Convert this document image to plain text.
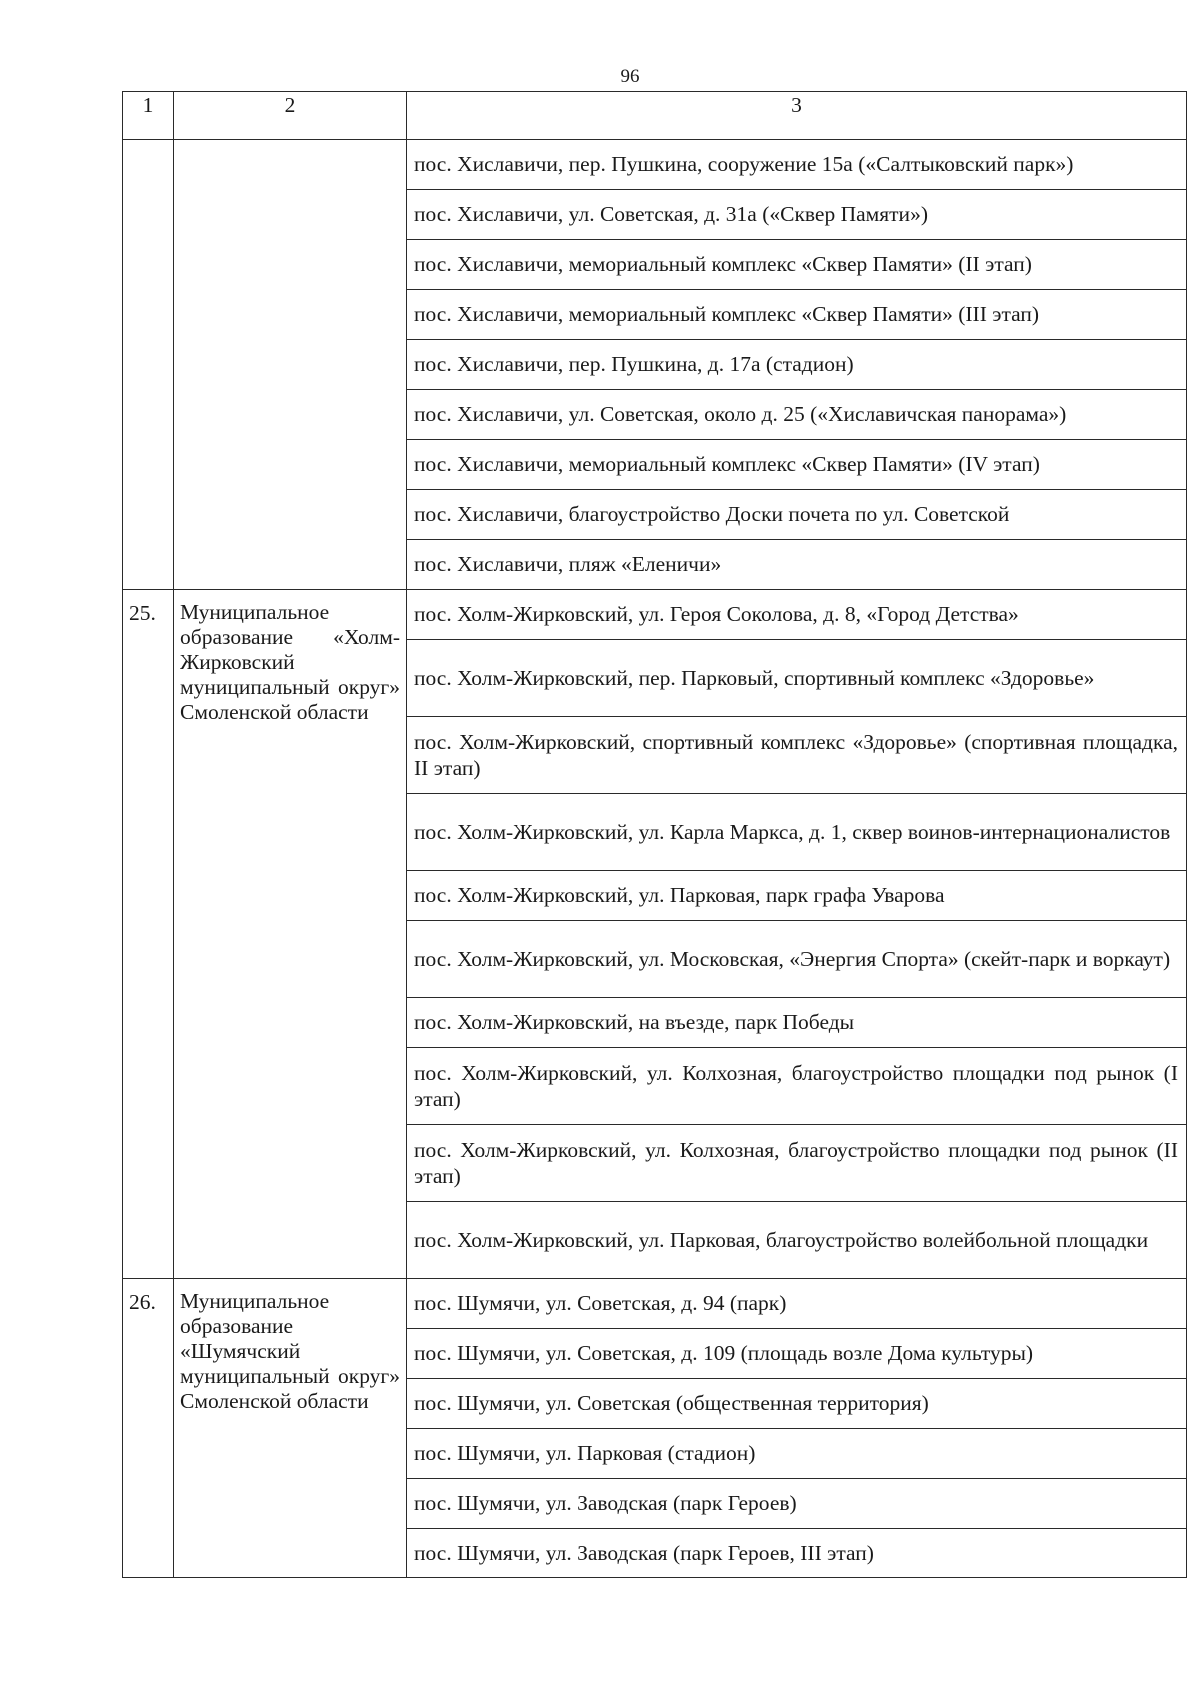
96
1	2	3
		пос. Хиславичи, пер. Пушкина, сооружение 15а («Салтыковский парк»)
		пос. Хиславичи, ул. Советская, д. 31а («Сквер Памяти»)
		пос. Хиславичи, мемориальный комплекс «Сквер Памяти» (II этап)
		пос. Хиславичи, мемориальный комплекс «Сквер Памяти» (III этап)
		пос. Хиславичи, пер. Пушкина, д. 17а (стадион)
		пос. Хиславичи, ул. Советская, около д. 25 («Хиславичская панорама»)
		пос. Хиславичи, мемориальный комплекс «Сквер Памяти» (IV этап)
		пос. Хиславичи, благоустройство Доски почета по ул. Советской
		пос. Хиславичи, пляж «Еленичи»
25.	Муниципальное образование «Холм-Жирковский муниципальный округ» Смоленской области	пос. Холм-Жирковский, ул. Героя Соколова, д. 8, «Город Детства»
		пос. Холм-Жирковский, пер. Парковый, спортивный комплекс «Здоровье»
		пос. Холм-Жирковский, спортивный комплекс «Здоровье» (спортивная площадка, II этап)
		пос. Холм-Жирковский, ул. Карла Маркса, д. 1, сквер воинов-интернационалистов
		пос. Холм-Жирковский, ул. Парковая, парк графа Уварова
		пос. Холм-Жирковский, ул. Московская, «Энергия Спорта» (скейт-парк и воркаут)
		пос. Холм-Жирковский, на въезде, парк Победы
		пос. Холм-Жирковский, ул. Колхозная, благоустройство площадки под рынок (I этап)
		пос. Холм-Жирковский, ул. Колхозная, благоустройство площадки под рынок (II этап)
		пос. Холм-Жирковский, ул. Парковая, благоустройство волейбольной площадки
26.	Муниципальное образование «Шумячский муниципальный округ» Смоленской области	пос. Шумячи, ул. Советская, д. 94 (парк)
		пос. Шумячи, ул. Советская, д. 109 (площадь возле Дома культуры)
		пос. Шумячи, ул. Советская (общественная территория)
		пос. Шумячи, ул. Парковая (стадион)
		пос. Шумячи, ул. Заводская (парк Героев)
		пос. Шумячи, ул. Заводская (парк Героев, III этап)
